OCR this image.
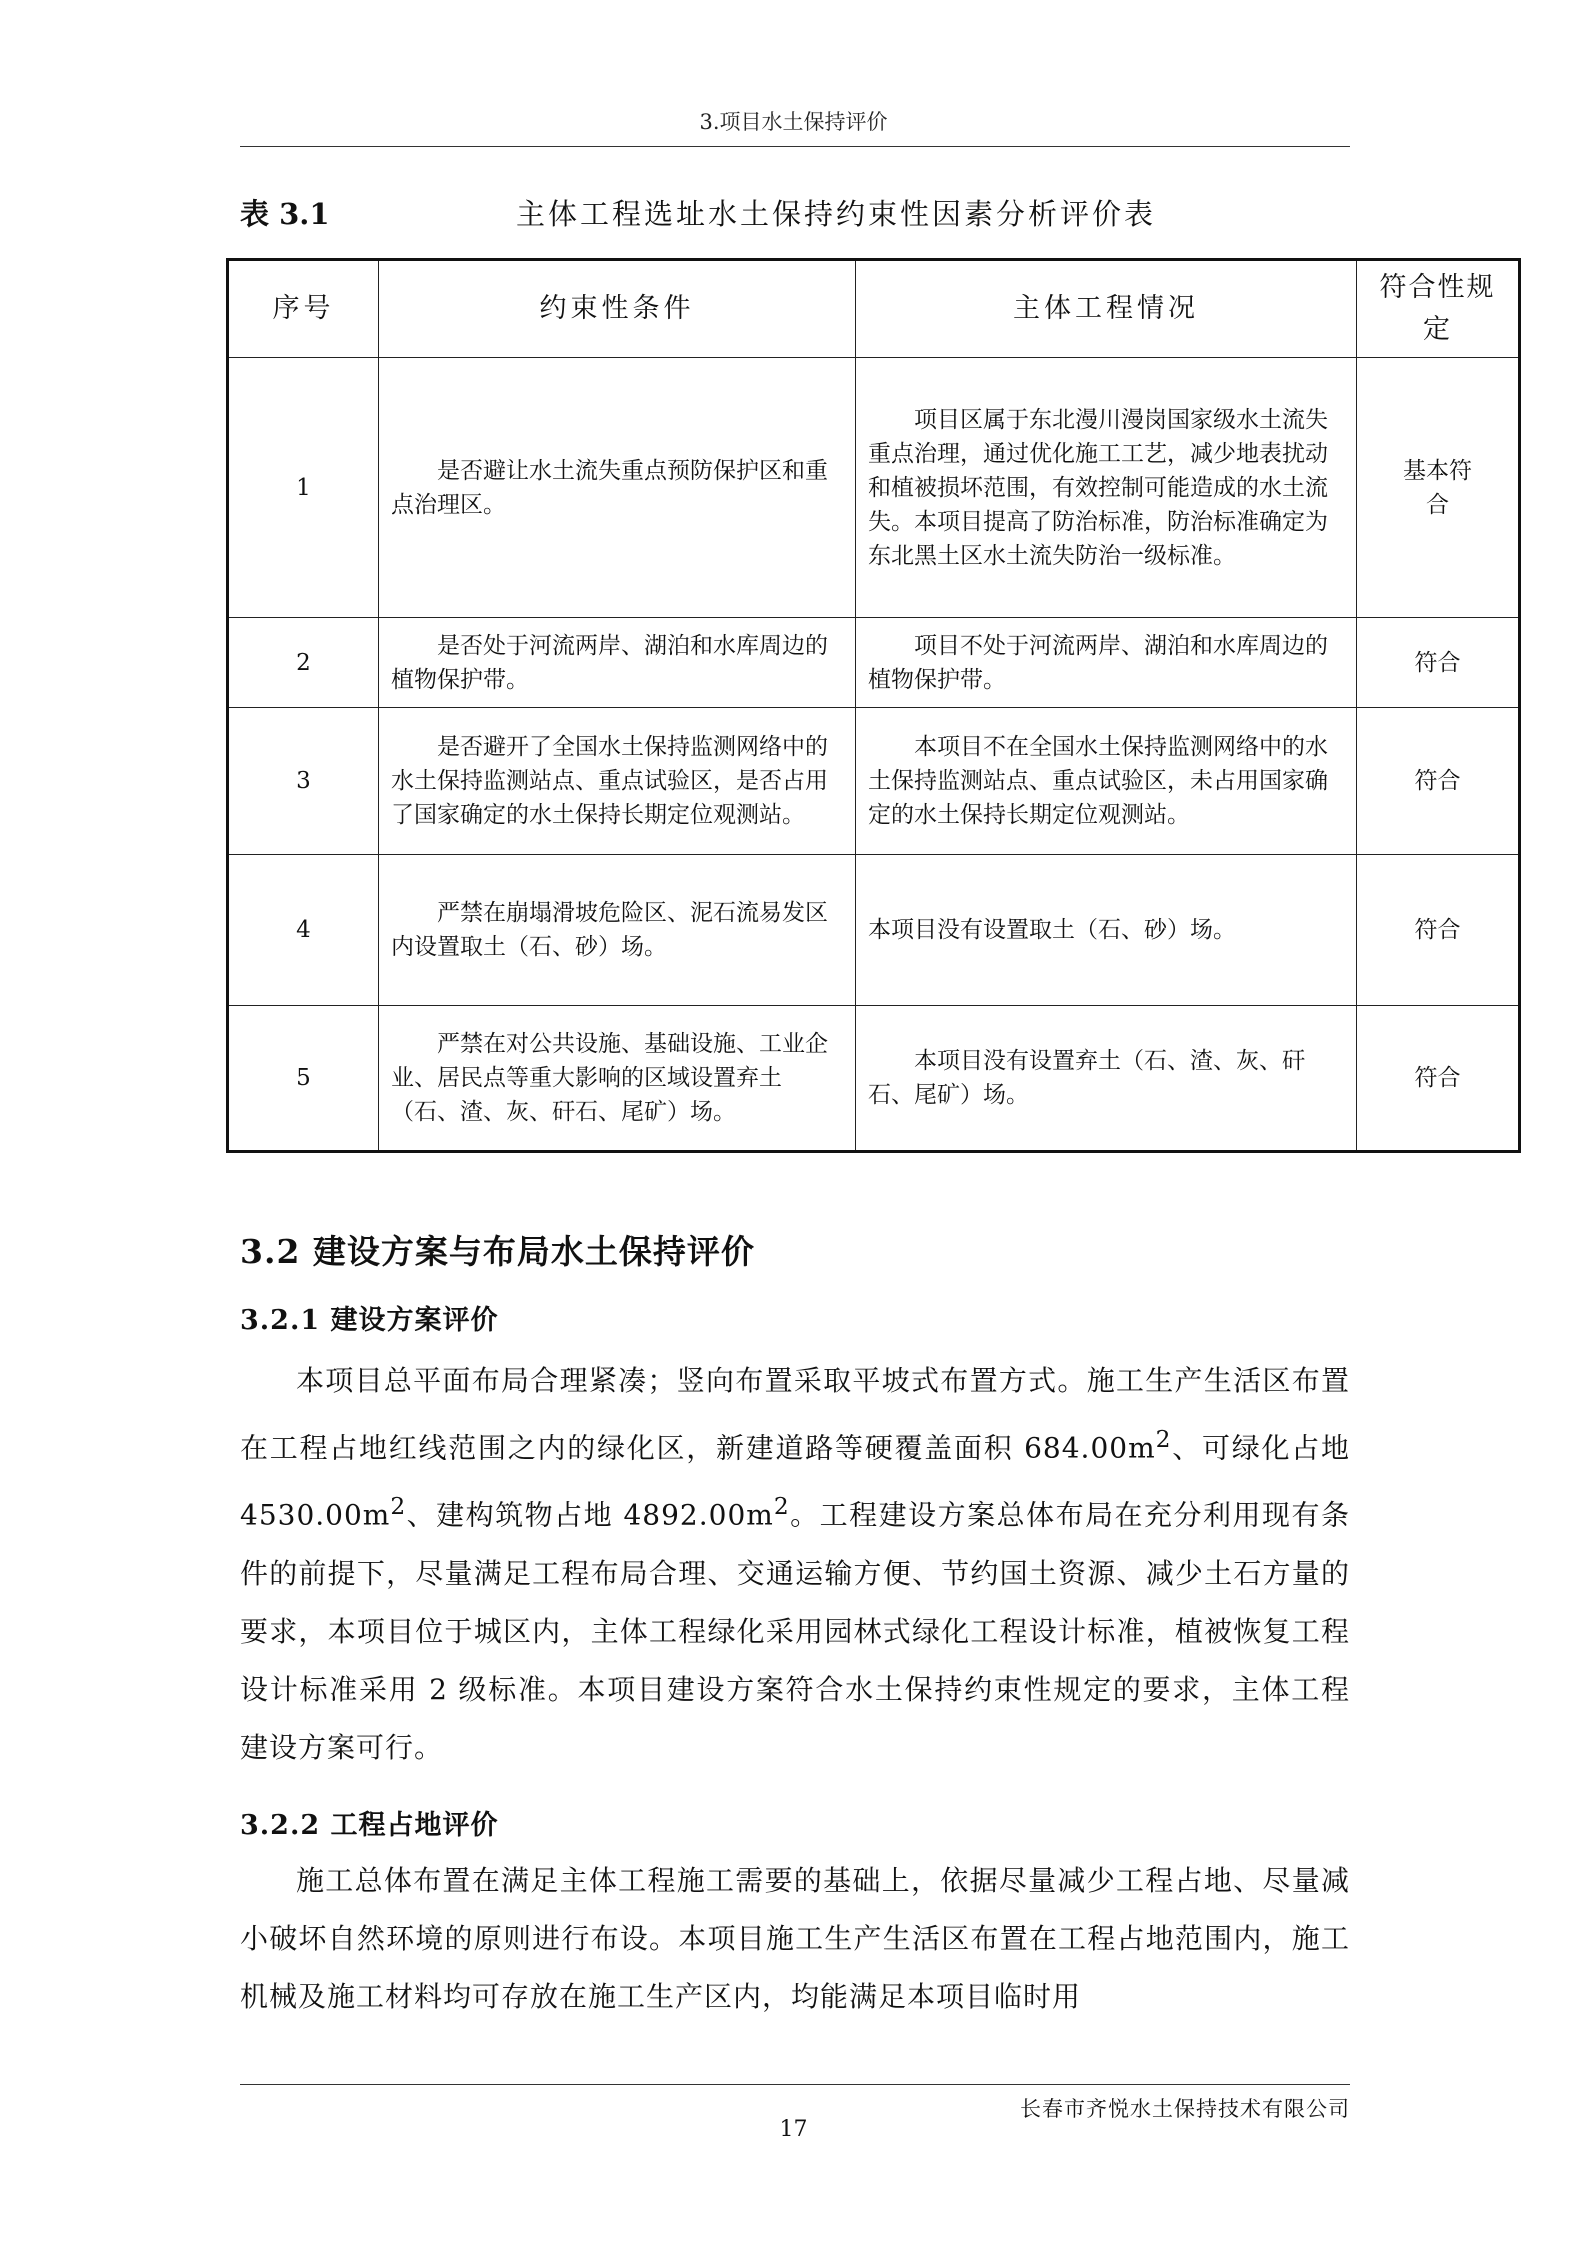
3.项目水土保持评价
表 3.1	主体工程选址水土保持约束性因素分析评价表
序号	约束性条件	主体工程情况	符合性规定
1	是否避让水土流失重点预防保护区和重点治理区。	项目区属于东北漫川漫岗国家级水土流失重点治理，通过优化施工工艺，减少地表扰动和植被损坏范围，有效控制可能造成的水土流失。本项目提高了防治标准，防治标准确定为东北黑土区水土流失防治一级标准。	基本符合
2	是否处于河流两岸、湖泊和水库周边的植物保护带。	项目不处于河流两岸、湖泊和水库周边的植物保护带。	符合
3	是否避开了全国水土保持监测网络中的水土保持监测站点、重点试验区，是否占用了国家确定的水土保持长期定位观测站。	本项目不在全国水土保持监测网络中的水土保持监测站点、重点试验区，未占用国家确定的水土保持长期定位观测站。	符合
4	严禁在崩塌滑坡危险区、泥石流易发区内设置取土（石、砂）场。	本项目没有设置取土（石、砂）场。	符合
5	严禁在对公共设施、基础设施、工业企业、居民点等重大影响的区域设置弃土（石、渣、灰、矸石、尾矿）场。	本项目没有设置弃土（石、渣、灰、矸石、尾矿）场。	符合
3.2 建设方案与布局水土保持评价
3.2.1 建设方案评价

本项目总平面布局合理紧凑；竖向布置采取平坡式布置方式。施工生产生活区布置在工程占地红线范围之内的绿化区，新建道路等硬覆盖面积 $684.00m^2$、可绿化占地 $4530.00m^2$、建构筑物占地 $4892.00m^2$。工程建设方案总体布局在充分利用现有条件的前提下，尽量满足工程布局合理、交通运输方便、节约国土资源、减少土石方量的要求，本项目位于城区内，主体工程绿化采用园林式绿化工程设计标准，植被恢复工程设计标准采用 2 级标准。本项目建设方案符合水土保持约束性规定的要求，主体工程建设方案可行。

3.2.2 工程占地评价

施工总体布置在满足主体工程施工需要的基础上，依据尽量减少工程占地、尽量减小破坏自然环境的原则进行布设。本项目施工生产生活区布置在工程占地范围内，施工机械及施工材料均可存放在施工生产区内，均能满足本项目临时用

长春市齐悦水土保持技术有限公司
17
